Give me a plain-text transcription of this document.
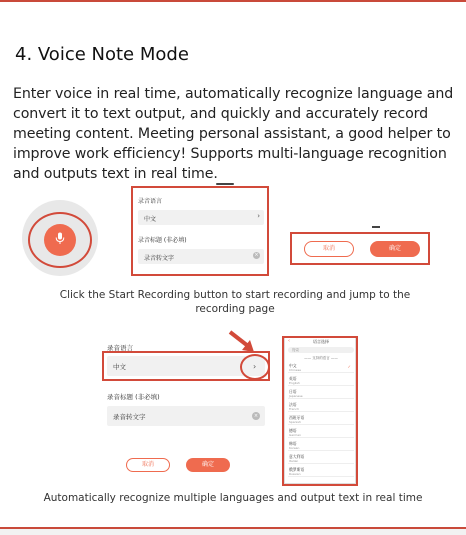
4. Voice Note Mode
Enter voice in real time, automatically recognize language and convert it to text output, and quickly and accurately record meeting content. Meeting personal assistant, a good helper to improve work efficiency! Supports multi-language recognition and outputs text in real time.
录音语言
中文	›
录音标题 (非必填)
录音转文字	×
取消	确定
Click the Start Recording button to start recording and jump to the recording page
录音语言
中文	›
录音标题 (非必填)
录音转文字	×
取消	确定
‹	语言选择
搜索
—— 支持的语言 ——
中文
Chinese
✓
英语
English
日语
Japanese
法语
French
西班牙语
Spanish
德语
German
韩语
Korean
意大利语
Italian
俄罗斯语
Russian
Automatically recognize multiple languages and output text in real time
